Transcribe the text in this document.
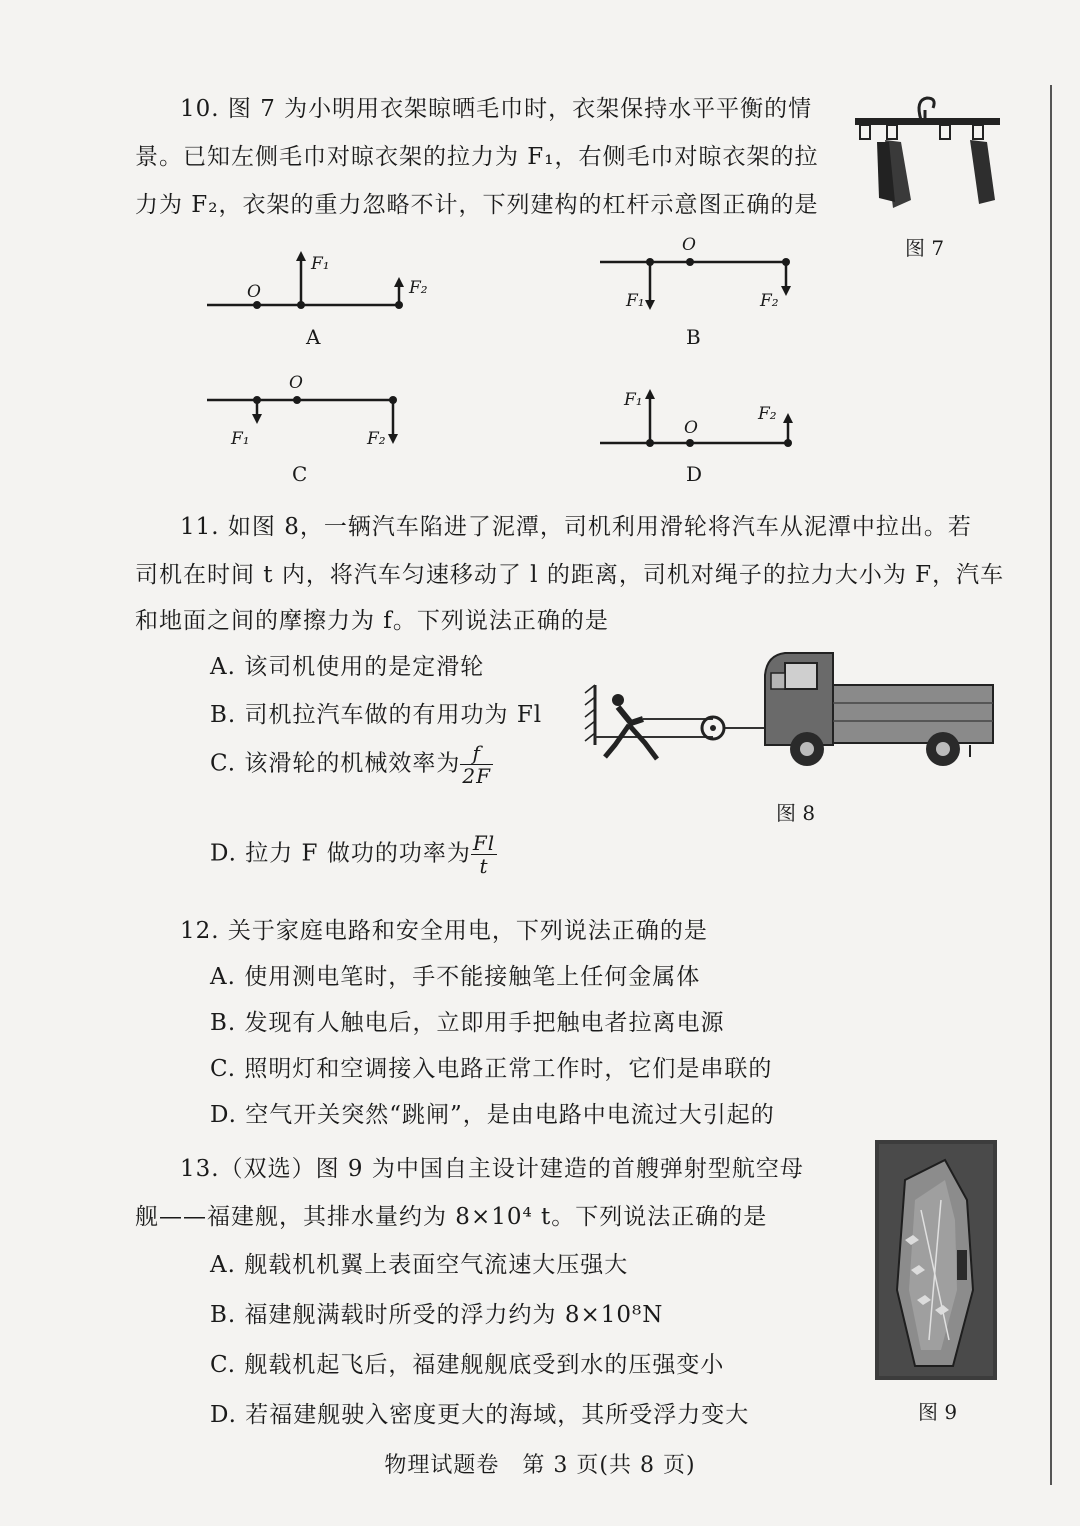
10. 图 7 为小明用衣架晾晒毛巾时，衣架保持水平平衡的情
景。已知左侧毛巾对晾衣架的拉力为 F₁，右侧毛巾对晾衣架的拉
力为 F₂，衣架的重力忽略不计，下列建构的杠杆示意图正确的是
图 7
O
F₁
F₂
A
O
F₁	F₂
B
O
F₁	F₂
C
O
F₁
F₂
D
11. 如图 8，一辆汽车陷进了泥潭，司机利用滑轮将汽车从泥潭中拉出。若
司机在时间 t 内，将汽车匀速移动了 l 的距离，司机对绳子的拉力大小为 F，汽车
和地面之间的摩擦力为 f。下列说法正确的是
A. 该司机使用的是定滑轮
B. 司机拉汽车做的有用功为 Fl
C. 该滑轮的机械效率为 $\frac{f}{2F}$
D. 拉力 F 做功的功率为 $\frac{Fl}{t}$
图 8
12. 关于家庭电路和安全用电，下列说法正确的是
A. 使用测电笔时，手不能接触笔上任何金属体
B. 发现有人触电后，立即用手把触电者拉离电源
C. 照明灯和空调接入电路正常工作时，它们是串联的
D. 空气开关突然“跳闸”，是由电路中电流过大引起的
13.（双选）图 9 为中国自主设计建造的首艘弹射型航空母
舰——福建舰，其排水量约为 8×10⁴ t。下列说法正确的是
A. 舰载机机翼上表面空气流速大压强大
B. 福建舰满载时所受的浮力约为 8×10⁸N
C. 舰载机起飞后，福建舰舰底受到水的压强变小
D. 若福建舰驶入密度更大的海域，其所受浮力变大	图 9
物理试题卷　第 3 页(共 8 页)
